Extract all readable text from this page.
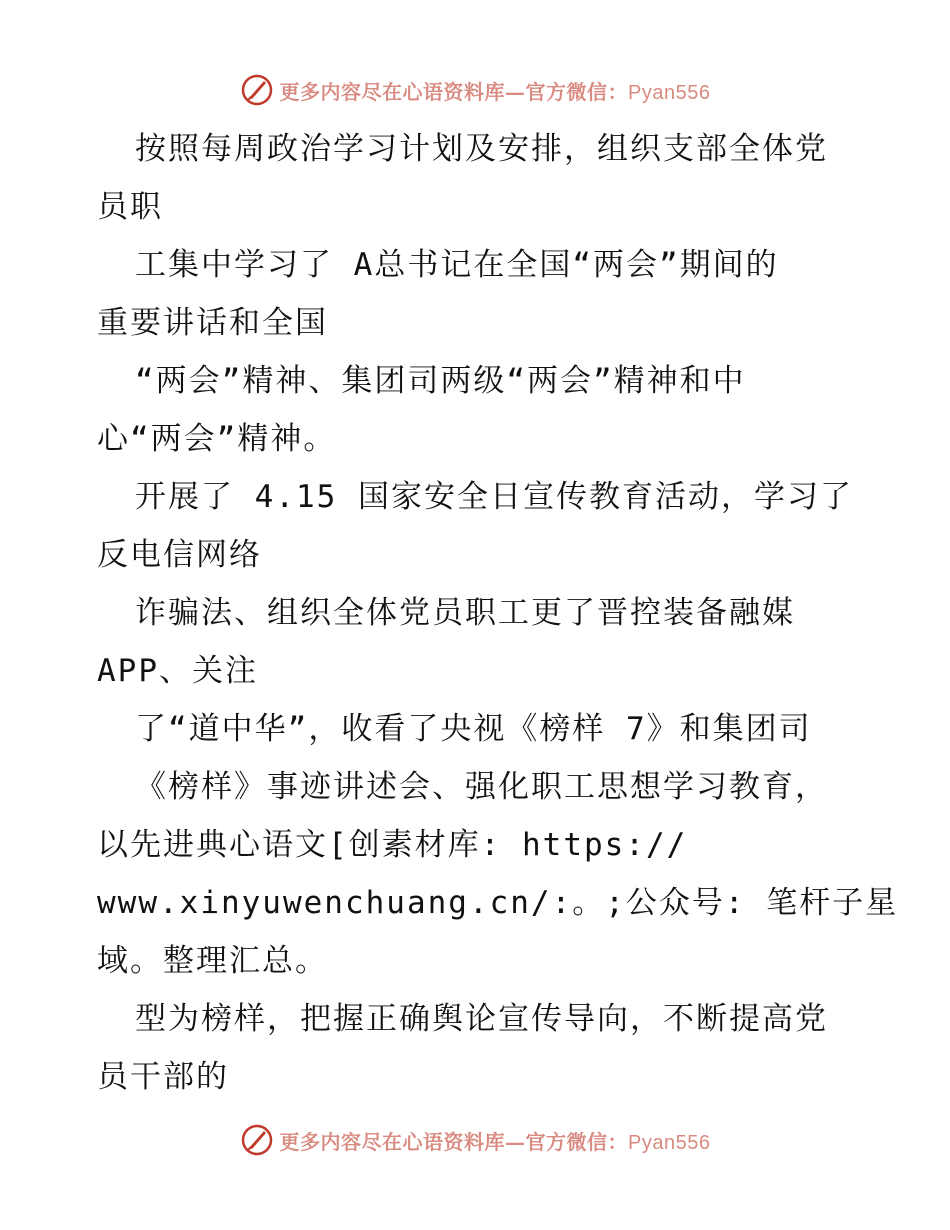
更多内容尽在心语资料库—官方微信：Pyan556
按照每周政治学习计划及安排，组织支部全体党
员职
工集中学习了 A总书记在全国“两会”期间的
重要讲话和全国
“两会”精神、集团司两级“两会”精神和中
心“两会”精神。
开展了 4.15 国家安全日宣传教育活动，学习了
反电信网络
诈骗法、组织全体党员职工更了晋控装备融媒
APP、关注
了“道中华”，收看了央视《榜样 7》和集团司
《榜样》事迹讲述会、强化职工思想学习教育，
以先进典心语文[创素材库: https://
www.xinyuwenchuang.cn/:。;公众号: 笔杆子星
域。整理汇总。
型为榜样，把握正确舆论宣传导向，不断提高党
员干部的
更多内容尽在心语资料库—官方微信：Pyan556
